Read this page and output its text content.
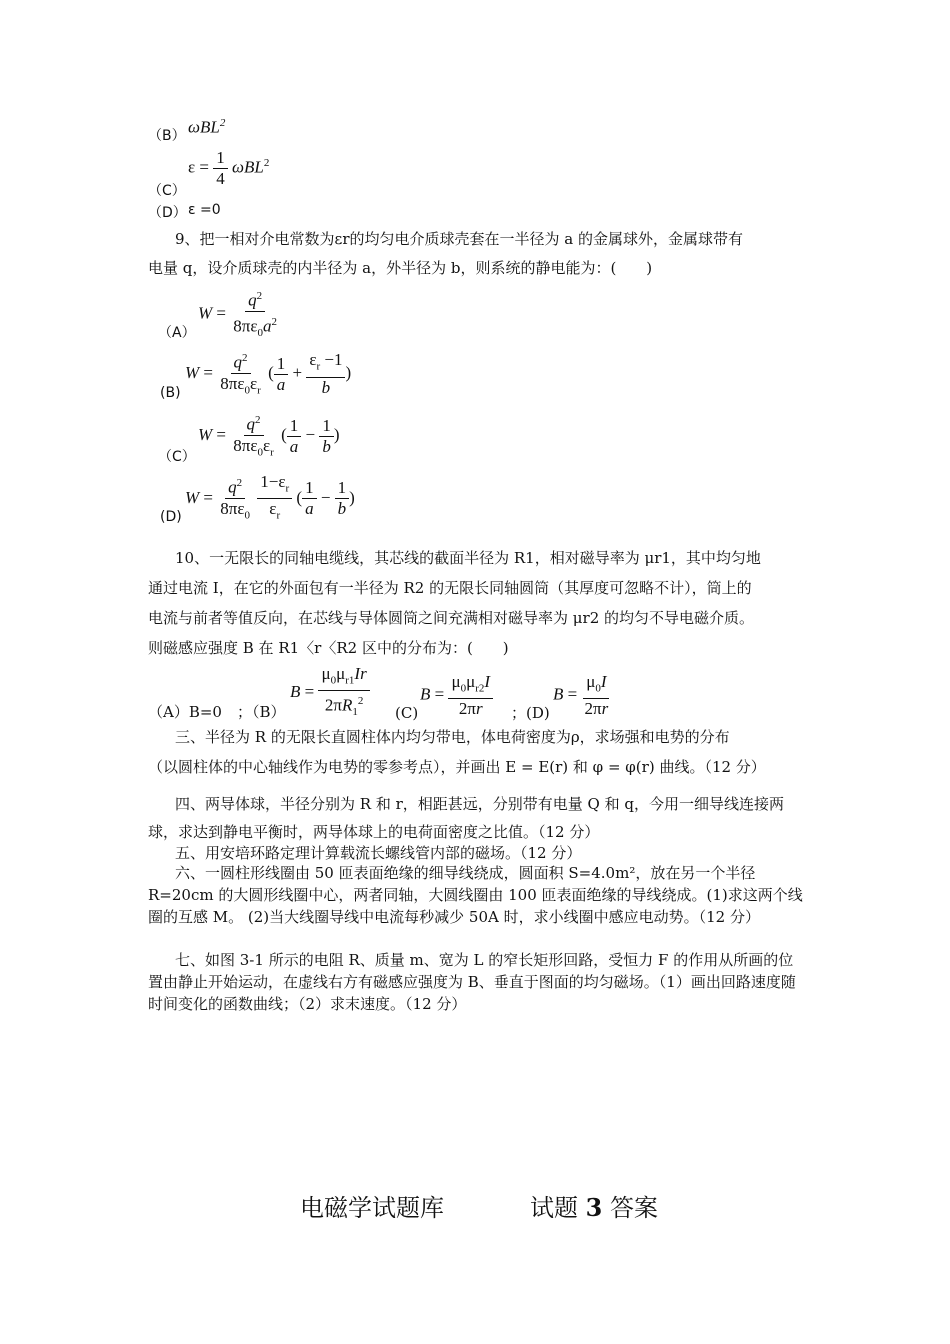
（B） ωBL$^2$
$\varepsilon = \frac{1}{4} \omega BL^2$
（C）
（D） ε =0
9、把一相对介电常数为εr的均匀电介质球壳套在一半径为 a 的金属球外，金属球带有
电量 q，设介质球壳的内半径为 a，外半径为 b，则系统的静电能为：(　　)
$W = \frac{q^2}{8\pi\varepsilon_0a^2}$
（A）
$W = \frac{q^2}{8\pi\varepsilon_0\varepsilon_r}$ ( $\frac{1}{a} + \frac{\varepsilon_r -1}{b}$ )
(B)
$W = \frac{q^2}{8\pi\varepsilon_0\varepsilon_r}$ ( $\frac{1}{a} - \frac{1}{b}$ )
（C）
$W = \frac{q^2}{8\pi\varepsilon_0}$
$\frac{1-\varepsilon_r}{\varepsilon_r}$ ( $\frac{1}{a} - \frac{1}{b}$ )
(D)
10、一无限长的同轴电缆线，其芯线的截面半径为 R1，相对磁导率为 μr1，其中均匀地
通过电流 I，在它的外面包有一半径为 R2 的无限长同轴圆筒（其厚度可忽略不计），筒上的
电流与前者等值反向，在芯线与导体圆筒之间充满相对磁导率为 μr2 的均匀不导电磁介质。
则磁感应强度 B 在 R1〈r〈R2 区中的分布为：(　　)
（A）B=0　；（B）
$B = \frac{\mu_0\mu_{r1}Ir}{2\pi R_1^2} (C)$
$B = \frac{\mu_0\mu_{r2}I}{2\pi r}$ ； (D)
$B = \frac{\mu_0I}{2\pi r}$
三、半径为 R 的无限长直圆柱体内均匀带电，体电荷密度为ρ，求场强和电势的分布
（以圆柱体的中心轴线作为电势的零参考点），并画出 E = E(r) 和 φ = φ(r) 曲线。（12 分）
四、两导体球，半径分别为 R 和 r，相距甚远，分别带有电量 Q 和 q，今用一细导线连接两球，求达到静电平衡时，两导体球上的电荷面密度之比值。（12 分）
五、用安培环路定理计算载流长螺线管内部的磁场。（12 分）
六、一圆柱形线圈由 50 匝表面绝缘的细导线绕成，圆面积 S=4.0m²，放在另一个半径R=20cm 的大圆形线圈中心，两者同轴，大圆线圈由 100 匝表面绝缘的导线绕成。(1)求这两个线圈的互感 M。 (2)当大线圈导线中电流每秒减少 50A 时，求小线圈中感应电动势。（12 分）
七、如图 3-1 所示的电阻 R、质量 m、宽为 L 的窄长矩形回路，受恒力 F 的作用从所画的位置由静止开始运动，在虚线右方有磁感应强度为 B、垂直于图面的均匀磁场。（1）画出回路速度随时间变化的函数曲线；（2）求末速度。（12 分）
电磁学试题库	试题 3 答案
